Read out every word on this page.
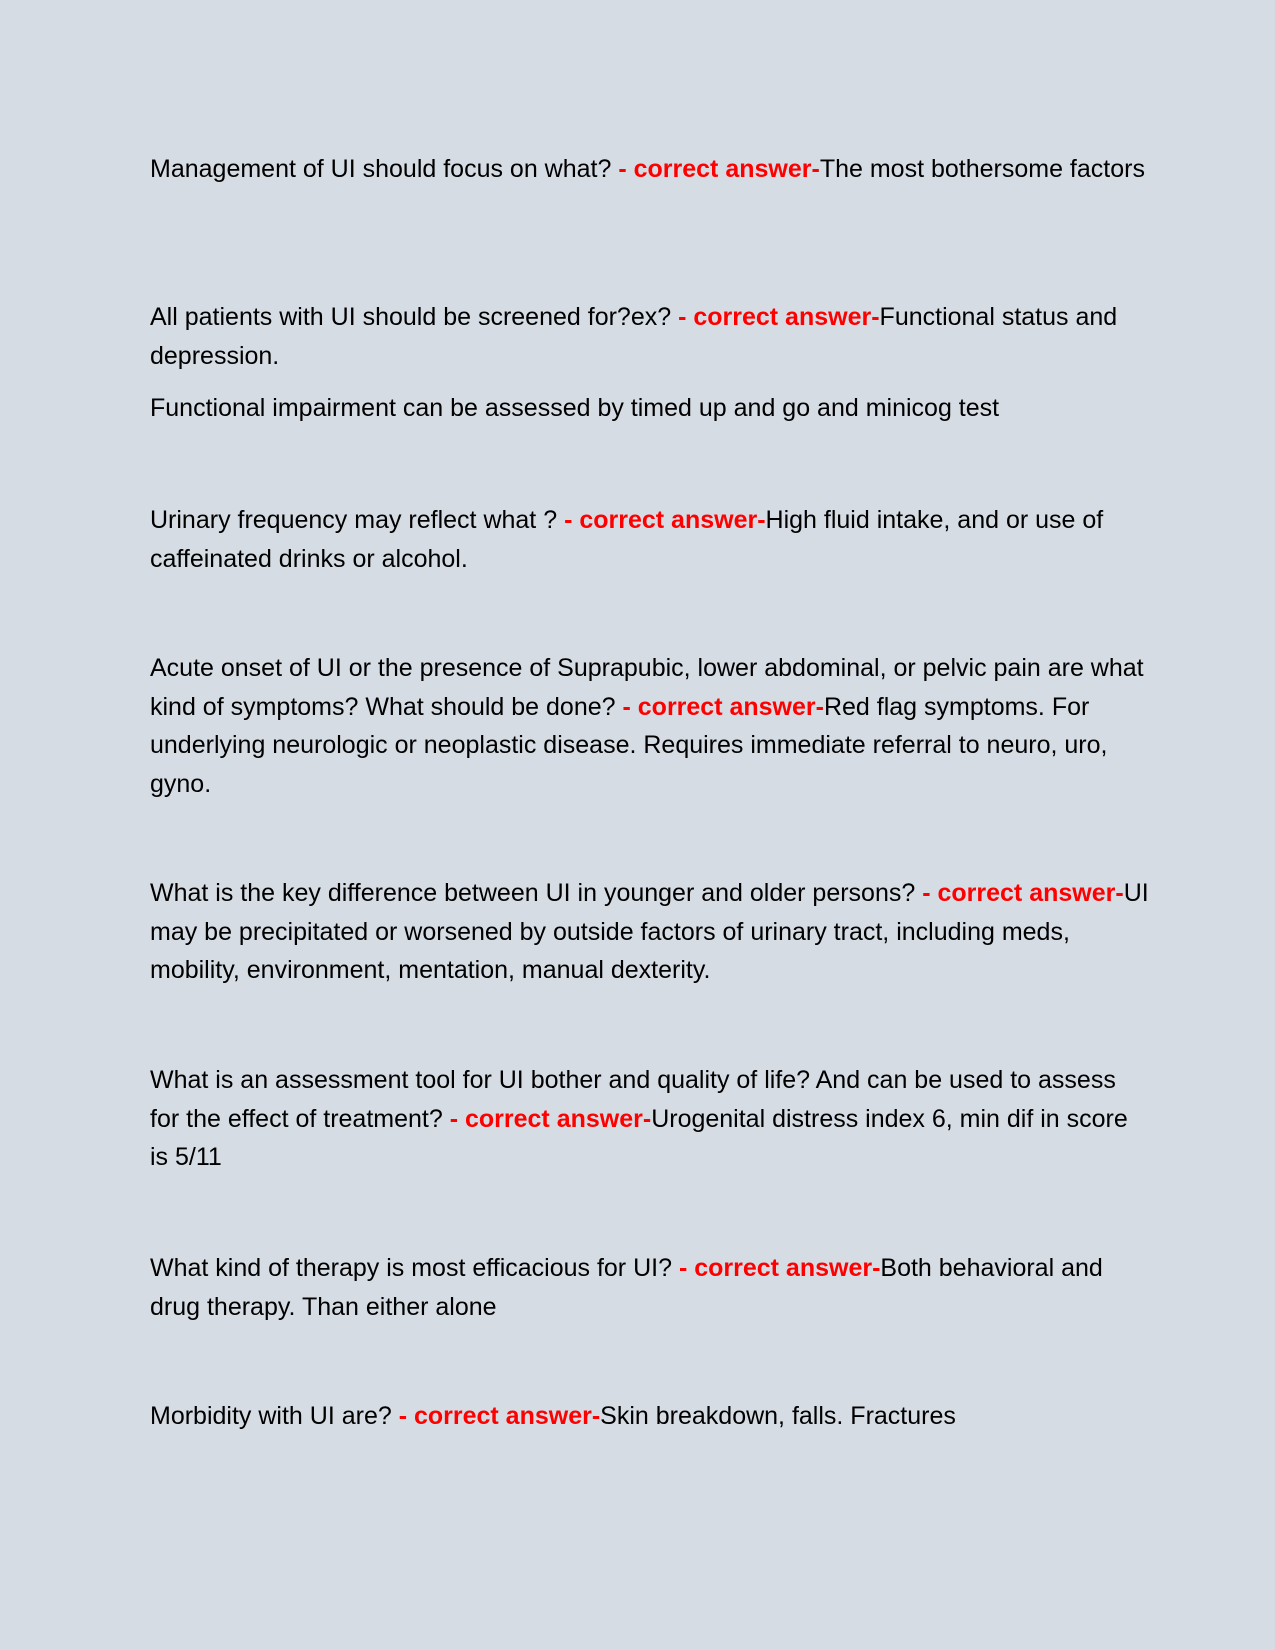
Management of UI should focus on what? - correct answer-The most bothersome factors

All patients with UI should be screened for?ex? - correct answer-Functional status and depression.

Functional impairment can be assessed by timed up and go and minicog test

Urinary frequency may reflect what ? - correct answer-High fluid intake, and or use of caffeinated drinks or alcohol.

Acute onset of UI or the presence of Suprapubic, lower abdominal, or pelvic pain are what kind of symptoms? What should be done? - correct answer-Red flag symptoms. For underlying neurologic or neoplastic disease. Requires immediate referral to neuro, uro, gyno.

What is the key difference between UI in younger and older persons? - correct answer-UI may be precipitated or worsened by outside factors of urinary tract, including meds, mobility, environment, mentation, manual dexterity.

What is an assessment tool for UI bother and quality of life? And can be used to assess for the effect of treatment? - correct answer-Urogenital distress index 6, min dif in score is 5/11

What kind of therapy is most efficacious for UI? - correct answer-Both behavioral and drug therapy. Than either alone

Morbidity with UI are? - correct answer-Skin breakdown, falls. Fractures
